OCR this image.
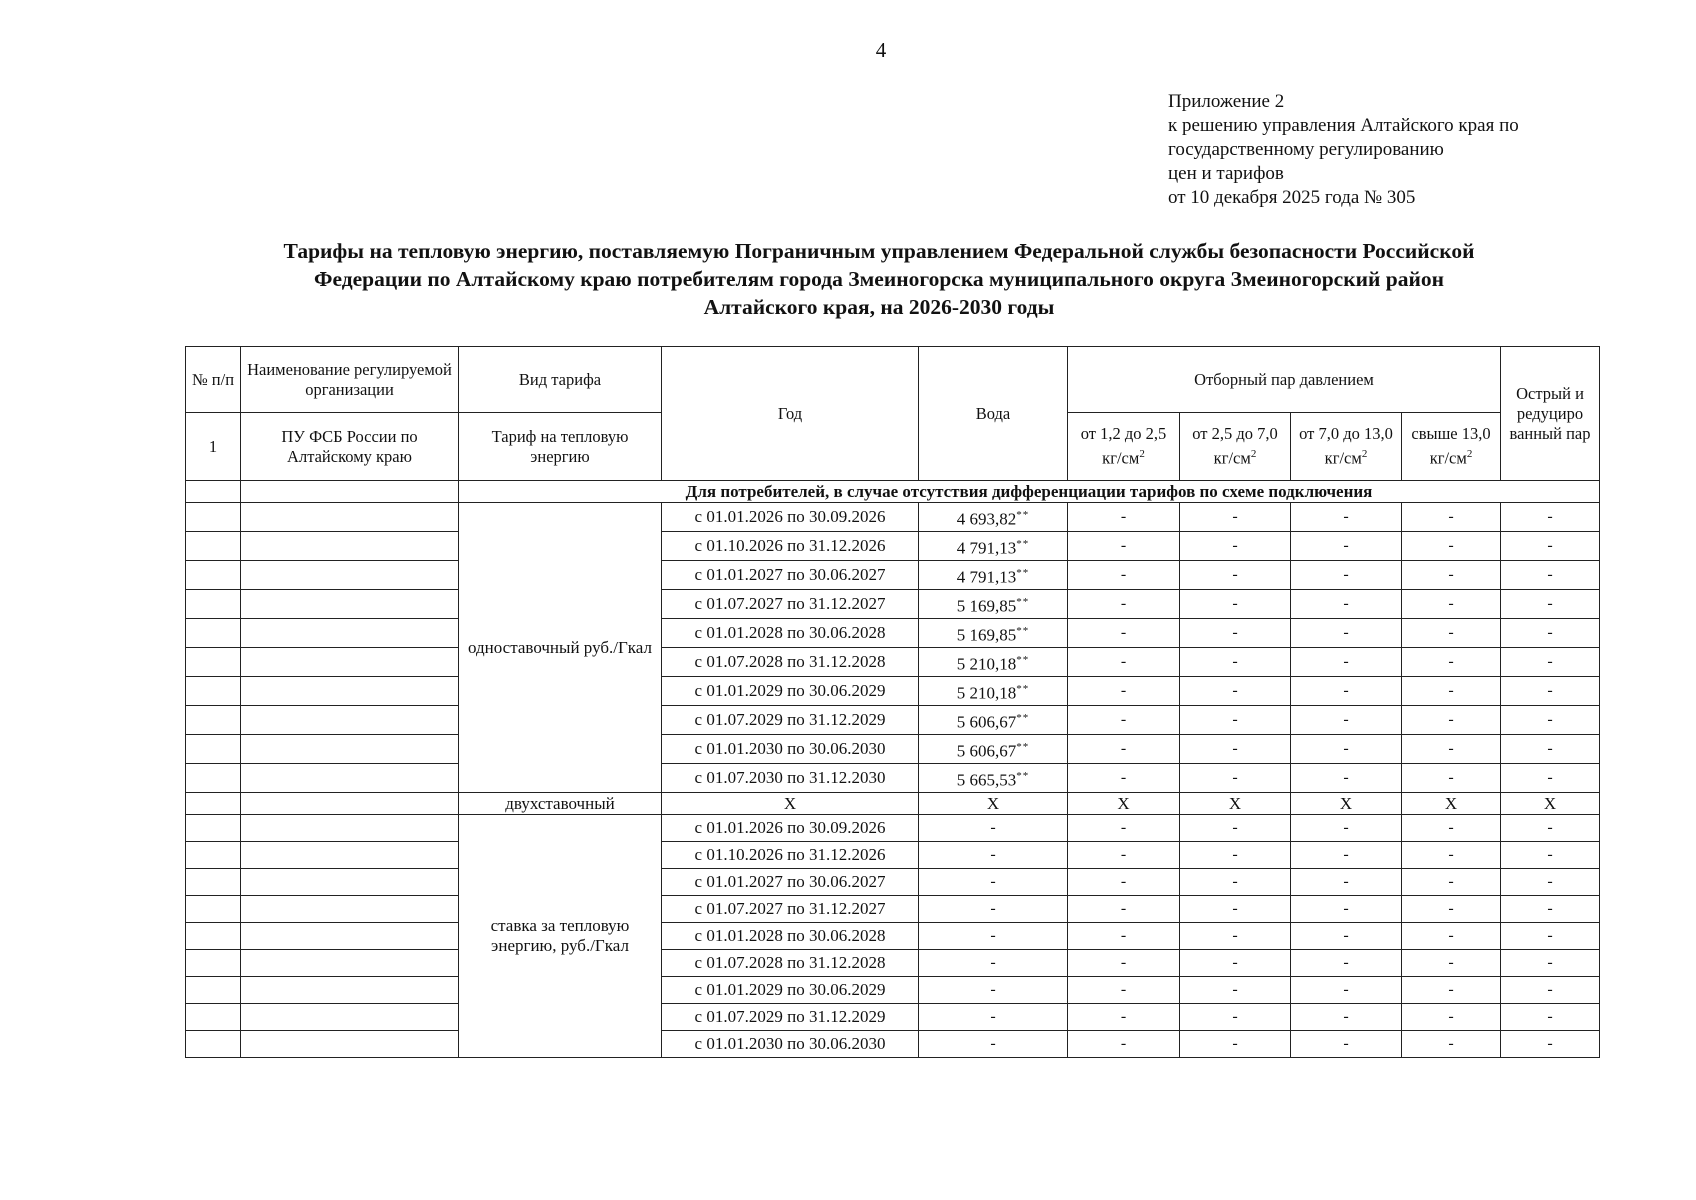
4
Приложение 2
к решению управления Алтайского края по
государственному регулированию
цен и тарифов
от 10 декабря 2025 года № 305
Тарифы на тепловую энергию, поставляемую Пограничным управлением Федеральной службы безопасности Российской
Федерации по Алтайскому краю потребителям города Змеиногорска муниципального округа Змеиногорский район
Алтайского края, на 2026-2030 годы
№ п/п	Наименование регулируемой организации	Вид тарифа	Год	Вода	Отборный пар давлением				Острый и редуциро ванный пар
1	ПУ ФСБ России по Алтайскому краю	Тариф на тепловую энергию			от 1,2 до 2,5 $кг/см^2$	от 2,5 до 7,0 $кг/см^2$	от 7,0 до 13,0 $кг/см^2$	свыше 13,0 $кг/см^2$
		Для потребителей, в случае отсутствия дифференциации тарифов по схеме подключения							
		одноставочный руб./Гкал	с 01.01.2026 по 30.09.2026	4 693,82**	-	-	-	-	-
			с 01.10.2026 по 31.12.2026	4 791,13**	-	-	-	-	-
			с 01.01.2027 по 30.06.2027	4 791,13**	-	-	-	-	-
			с 01.07.2027 по 31.12.2027	5 169,85**	-	-	-	-	-
			с 01.01.2028 по 30.06.2028	5 169,85**	-	-	-	-	-
			с 01.07.2028 по 31.12.2028	5 210,18**	-	-	-	-	-
			с 01.01.2029 по 30.06.2029	5 210,18**	-	-	-	-	-
			с 01.07.2029 по 31.12.2029	5 606,67**	-	-	-	-	-
			с 01.01.2030 по 30.06.2030	5 606,67**	-	-	-	-	-
			с 01.07.2030 по 31.12.2030	5 665,53**	-	-	-	-	-
		двухставочный	X	X	X	X	X	X	X
		ставка за тепловую энергию, руб./Гкал	с 01.01.2026 по 30.09.2026	-	-	-	-	-	-
			с 01.10.2026 по 31.12.2026	-	-	-	-	-	-
			с 01.01.2027 по 30.06.2027	-	-	-	-	-	-
			с 01.07.2027 по 31.12.2027	-	-	-	-	-	-
			с 01.01.2028 по 30.06.2028	-	-	-	-	-	-
			с 01.07.2028 по 31.12.2028	-	-	-	-	-	-
			с 01.01.2029 по 30.06.2029	-	-	-	-	-	-
			с 01.07.2029 по 31.12.2029	-	-	-	-	-	-
			с 01.01.2030 по 30.06.2030	-	-	-	-	-	-
